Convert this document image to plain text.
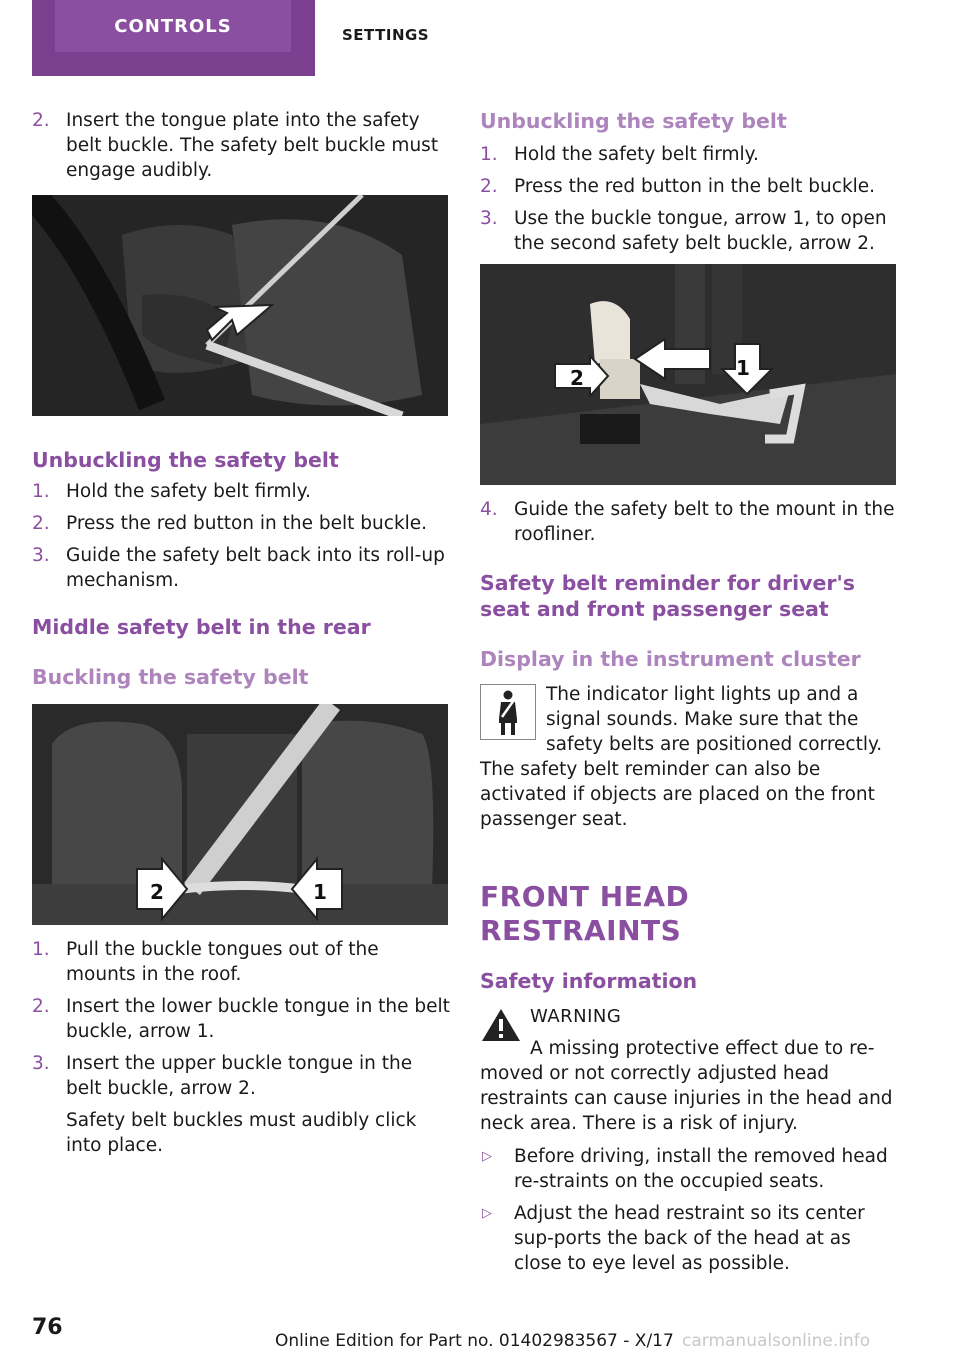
CONTROLS	SETTINGS
2. Insert the tongue plate into the safety belt buckle. The safety belt buckle must engage audibly.
Unbuckling the safety belt
1. Hold the safety belt firmly.
2. Press the red button in the belt buckle.
3. Guide the safety belt back into its roll-up mechanism.
Middle safety belt in the rear
Buckling the safety belt
2	1
1. Pull the buckle tongues out of the mounts in the roof.
2. Insert the lower buckle tongue in the belt buckle, arrow 1.
3. Insert the upper buckle tongue in the belt buckle, arrow 2.

Safety belt buckles must audibly click into place.

Unbuckling the safety belt
1. Hold the safety belt firmly.
2. Press the red button in the belt buckle.
3. Use the buckle tongue, arrow 1, to open the second safety belt buckle, arrow 2.
2	1
4. Guide the safety belt to the mount in the roofliner.
Safety belt reminder for driver's seat and front passenger seat
Display in the instrument cluster

The indicator light lights up and a signal sounds. Make sure that the safety belts are positioned correctly. The safety belt reminder can also be activated if objects are placed on the front passenger seat.

FRONT HEAD RESTRAINTS
Safety information
WARNING

A missing protective effect due to re-moved or not correctly adjusted head restraints can cause injuries in the head and neck area. There is a risk of injury.

▷ Before driving, install the removed head re-straints on the occupied seats.
▷ Adjust the head restraint so its center sup-ports the back of the head at as close to eye level as possible.
76
Online Edition for Part no. 01402983567 - X/17 carmanualsonline.info
